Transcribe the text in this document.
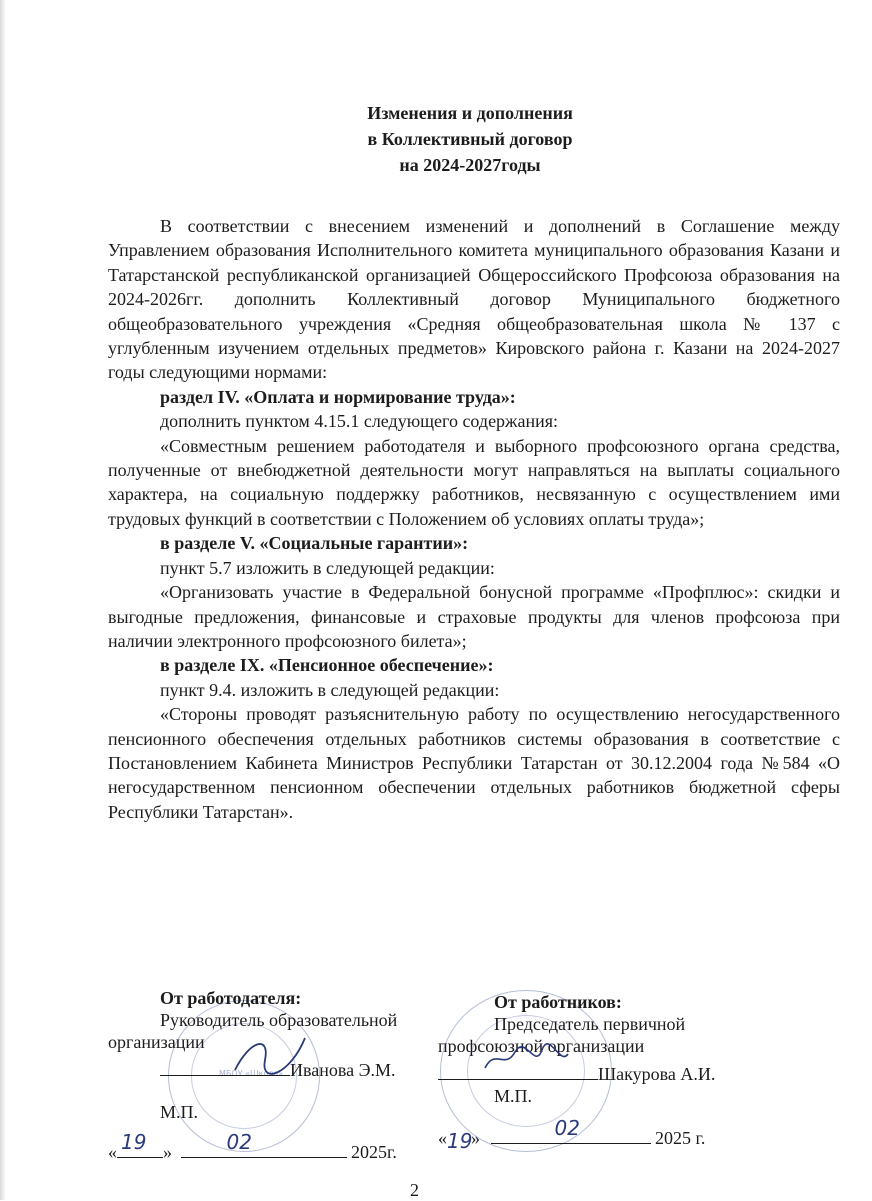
Изменения и дополнения
в Коллективный договор
на 2024-2027годы

В соответствии с внесением изменений и дополнений в Соглашение между Управлением образования Исполнительного комитета муниципального образования Казани и Татарстанской республиканской организацией Общероссийского Профсоюза образования на 2024-2026гг. дополнить Коллективный договор Муниципального бюджетного общеобразовательного учреждения «Средняя общеобразовательная школа № 137 с углубленным изучением отдельных предметов» Кировского района г. Казани на 2024-2027 годы следующими нормами:

раздел IV. «Оплата и нормирование труда»:

дополнить пунктом 4.15.1 следующего содержания:

«Совместным решением работодателя и выборного профсоюзного органа средства, полученные от внебюджетной деятельности могут направляться на выплаты социального характера, на социальную поддержку работников, несвязанную с осуществлением ими трудовых функций в соответствии с Положением об условиях оплаты труда»;

в разделе V. «Социальные гарантии»:

пункт 5.7 изложить в следующей редакции:

«Организовать участие в Федеральной бонусной программе «Профплюс»: скидки и выгодные предложения, финансовые и страховые продукты для членов профсоюза при наличии электронного профсоюзного билета»;

в разделе IX. «Пенсионное обеспечение»:

пункт 9.4. изложить в следующей редакции:

«Стороны проводят разъяснительную работу по осуществлению негосударственного пенсионного обеспечения отдельных работников системы образования в соответствие с Постановлением Кабинета Министров Республики Татарстан от 30.12.2004 года №584 «О негосударственном пенсионном обеспечении отдельных работников бюджетной сферы Республики Татарстан».

МБОУ «Школа»
От работодателя:
Руководитель образовательной
организации
Иванова Э.М.
М.П.
« 19 »	02	2025г.
От работников:
Председатель первичной
профсоюзной организации
Шакурова А.И.
М.П.
« 19
»	02	2025 г.
2
